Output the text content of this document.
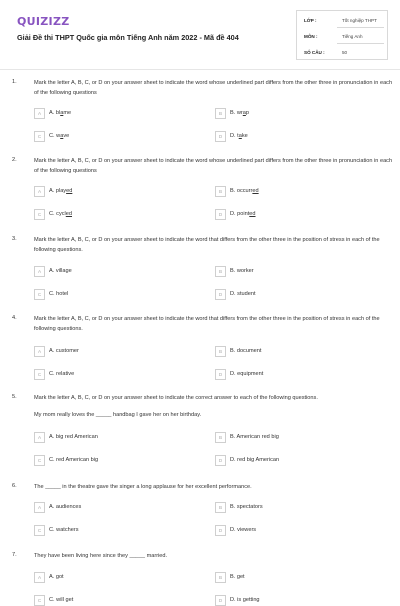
QUIZIZZ
Giải Đề thi THPT Quốc gia môn Tiếng Anh năm 2022 - Mã đề 404
LỚP :	Tốt nghiệp THPT
MÔN :	Tiếng Anh
SỐ CÂU :	50
1.	Mark the letter A, B, C, or D on your answer sheet to indicate the word whose underlined part differs from the other three in pronunciation in each of the following questions
A	A. blame	B	B. wrap
C	C. wave	D	D. take
2.	Mark the letter A, B, C, or D on your answer sheet to indicate the word whose underlined part differs from the other three in pronunciation in each of the following questions
A	A. played	B	B. occurred
C	C. cycled	D	D. pointed
3.	Mark the letter A, B, C, or D on your answer sheet to indicate the word that differs from the other three in the position of stress in each of the following questions.
A	A. village	B	B. worker
C	C. hotel	D	D. student
4.	Mark the letter A, B, C, or D on your answer sheet to indicate the word that differs from the other three in the position of stress in each of the following questions.
A	A. customer	B	B. document
C	C. relative	D	D. equipment
5.	Mark the letter A, B, C, or D on your answer sheet to indicate the correct answer to each of the following questions.
My mom really loves the _____ handbag I gave her on her birthday.
A	A. big red American	B	B. American red big
C	C. red American big	D	D. red big American
6.	The _____ in the theatre gave the singer a long applause for her excellent performance.
A	A. audiences	B	B. spectators
C	C. watchers	D	D. viewers
7.	They have been living here since they _____ married.
A	A. got	B	B. get
C	C. will get	D	D. is getting
